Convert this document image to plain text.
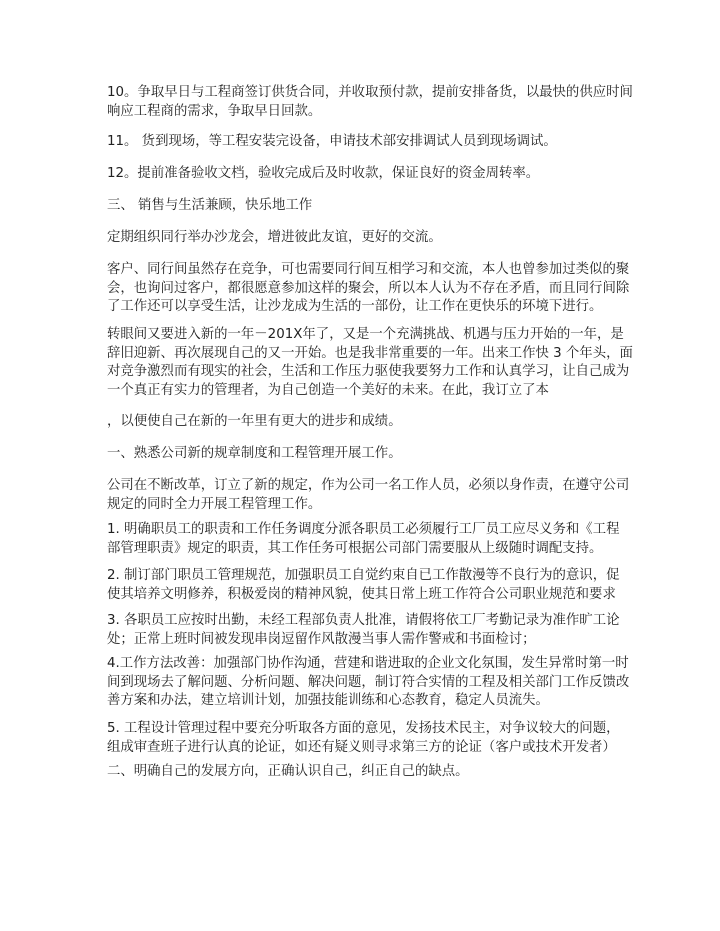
10。争取早日与工程商签订供货合同，并收取预付款，提前安排备货，以最快的供应时间
响应工程商的需求，争取早日回款。
11。 货到现场，等工程安装完设备，申请技术部安排调试人员到现场调试。
12。提前准备验收文档，验收完成后及时收款，保证良好的资金周转率。
三、 销售与生活兼顾，快乐地工作
定期组织同行举办沙龙会，增进彼此友谊，更好的交流。
客户、同行间虽然存在竞争，可也需要同行间互相学习和交流，本人也曾参加过类似的聚
会，也询问过客户，都很愿意参加这样的聚会，所以本人认为不存在矛盾，而且同行间除
了工作还可以享受生活，让沙龙成为生活的一部份，让工作在更快乐的环境下进行。
转眼间又要进入新的一年－201X年了，又是一个充满挑战、机遇与压力开始的一年，是
辞旧迎新、再次展现自己的又一开始。也是我非常重要的一年。出来工作快 3 个年头，面
对竞争激烈而有现实的社会，生活和工作压力驱使我要努力工作和认真学习，让自己成为
一个真正有实力的管理者，为自己创造一个美好的未来。在此，我订立了本
，以便使自己在新的一年里有更大的进步和成绩。
一、熟悉公司新的规章制度和工程管理开展工作。
公司在不断改革，订立了新的规定，作为公司一名工作人员，必须以身作责，在遵守公司
规定的同时全力开展工程管理工作。
1. 明确职员工的职责和工作任务调度分派各职员工必须履行工厂员工应尽义务和《工程
部管理职责》规定的职责，其工作任务可根据公司部门需要服从上级随时调配支持。
2. 制订部门职员工管理规范，加强职员工自觉约束自已工作散漫等不良行为的意识，促
使其培养文明修养，积极爱岗的精神风貌，使其日常上班工作符合公司职业规范和要求
3. 各职员工应按时出勤，未经工程部负责人批准，请假将依工厂考勤记录为准作旷工论
处；正常上班时间被发现串岗逗留作风散漫当事人需作警戒和书面检讨；
4.工作方法改善：加强部门协作沟通，营建和谐进取的企业文化氛围，发生异常时第一时
间到现场去了解问题、分析问题、解决问题，制订符合实情的工程及相关部门工作反馈改
善方案和办法，建立培训计划，加强技能训练和心态教育，稳定人员流失。
5. 工程设计管理过程中要充分听取各方面的意见，发扬技术民主，对争议较大的问题，
组成审查班子进行认真的论证，如还有疑义则寻求第三方的论证（客户或技术开发者）
二、明确自己的发展方向，正确认识自己，纠正自己的缺点。
